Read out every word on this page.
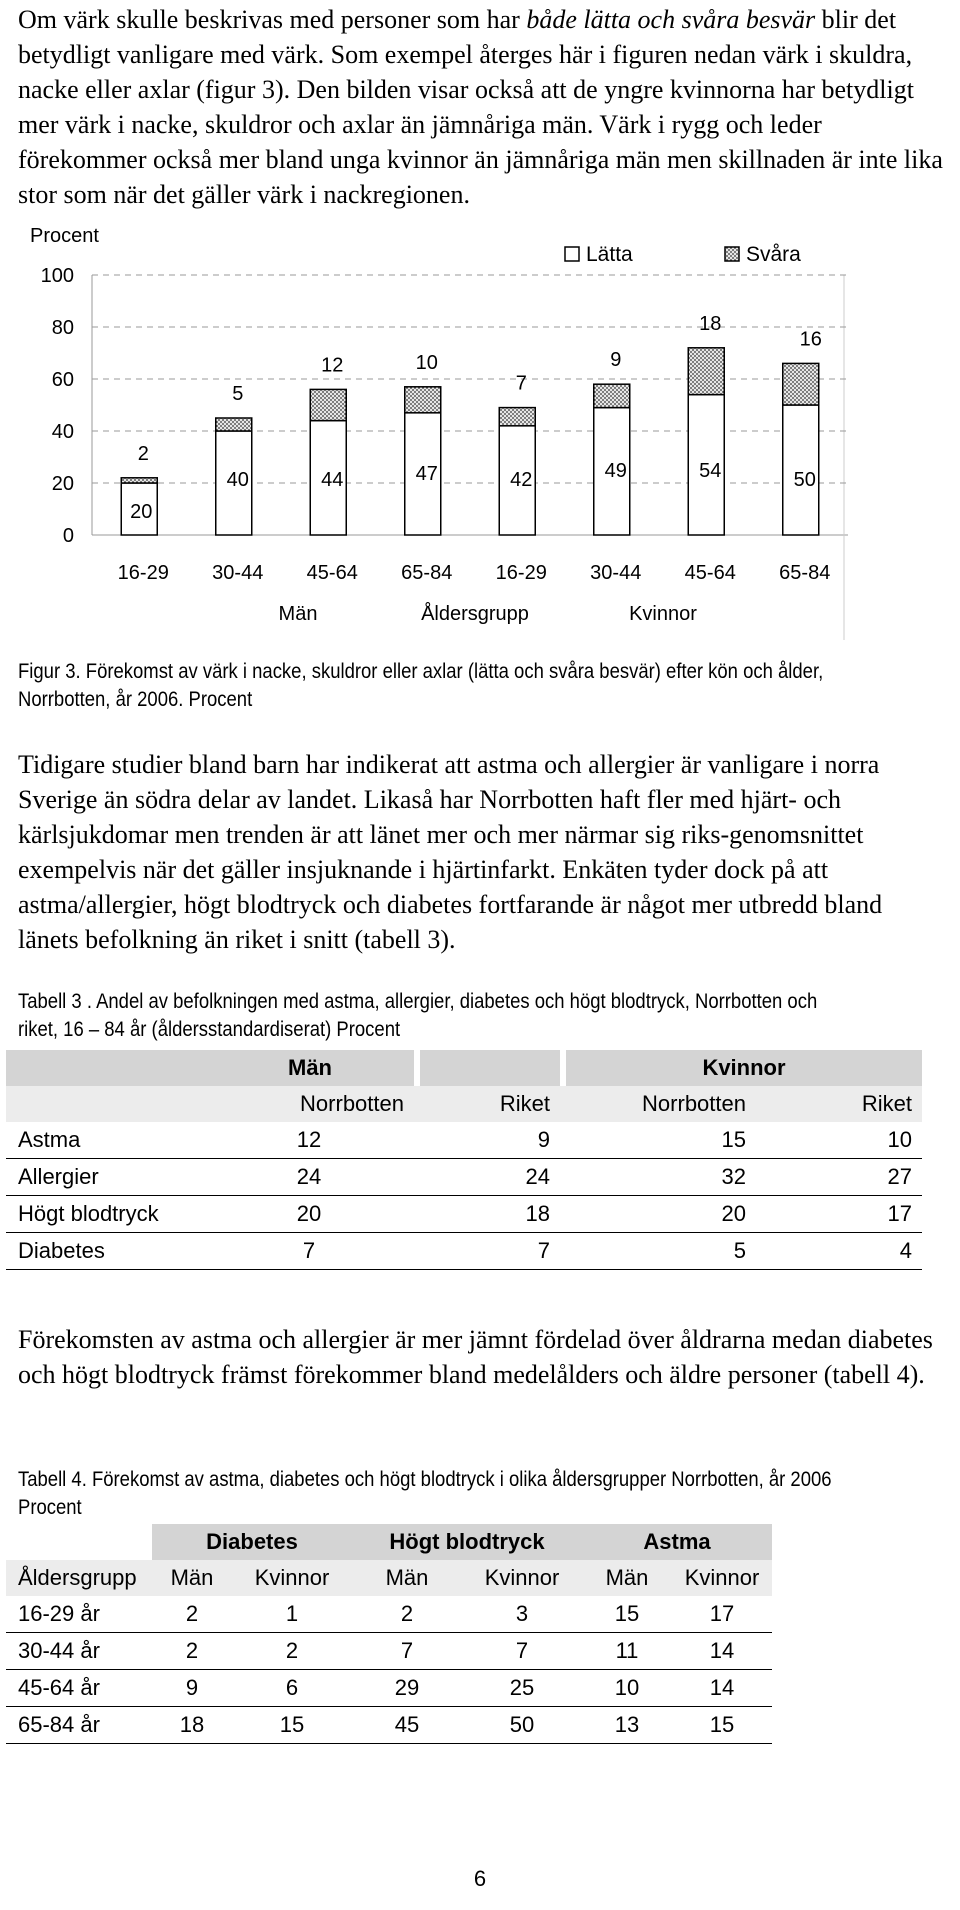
Om värk skulle beskrivas med personer som har både lätta och svåra besvär blir det betydligt vanligare med värk. Som exempel återges här i figuren nedan värk i skuldra, nacke eller axlar (figur 3). Den bilden visar också att de yngre kvinnorna har betydligt mer värk i nacke, skuldror och axlar än jämnåriga män. Värk i rygg och leder förekommer också mer bland unga kvinnor än jämnåriga män men skillnaden är inte lika stor som när det gäller värk i nackregionen.

0
20
40
60
80
100
20
2
16-29
40
5
30-44
44
12
45-64
47
10
65-84
42
7
16-29
49
9
30-44
54
18
45-64
50
16
65-84
Procent
Lätta	Svåra
Män	Åldersgrupp	Kvinnor

Figur 3. Förekomst av värk i nacke, skuldror eller axlar (lätta och svåra besvär) efter kön och ålder, Norrbotten, år 2006. Procent

Tidigare studier bland barn har indikerat att astma och allergier är vanligare i norra Sverige än södra delar av landet. Likaså har Norrbotten haft fler med hjärt- och kärlsjukdomar men trenden är att länet mer och mer närmar sig riks-genomsnittet exempelvis när det gäller insjuknande i hjärtinfarkt. Enkäten tyder dock på att astma/allergier, högt blodtryck och diabetes fortfarande är något mer utbredd bland länets befolkning än riket i snitt (tabell 3).

Tabell 3 . Andel av befolkningen med astma, allergier, diabetes och högt blodtryck, Norrbotten och riket, 16 – 84 år (åldersstandardiserat) Procent

Män					Kvinnor		
	Norrbotten		Riket		Norrbotten		Riket
Astma	12		9		15		10
Allergier	24		24		32		27
Högt blodtryck	20		18		20		17
Diabetes	7		7		5		4

Förekomsten av astma och allergier är mer jämnt fördelad över åldrarna medan diabetes och högt blodtryck främst förekommer bland medelålders och äldre personer (tabell 4).

Tabell 4. Förekomst av astma, diabetes och högt blodtryck i olika åldersgrupper Norrbotten, år 2006 Procent

	Diabetes		Högt blodtryck		Astma	
Åldersgrupp	Män	Kvinnor	Män	Kvinnor	Män	Kvinnor
16-29 år	2	1	2	3	15	17
30-44 år	2	2	7	7	11	14
45-64 år	9	6	29	25	10	14
65-84 år	18	15	45	50	13	15
6
